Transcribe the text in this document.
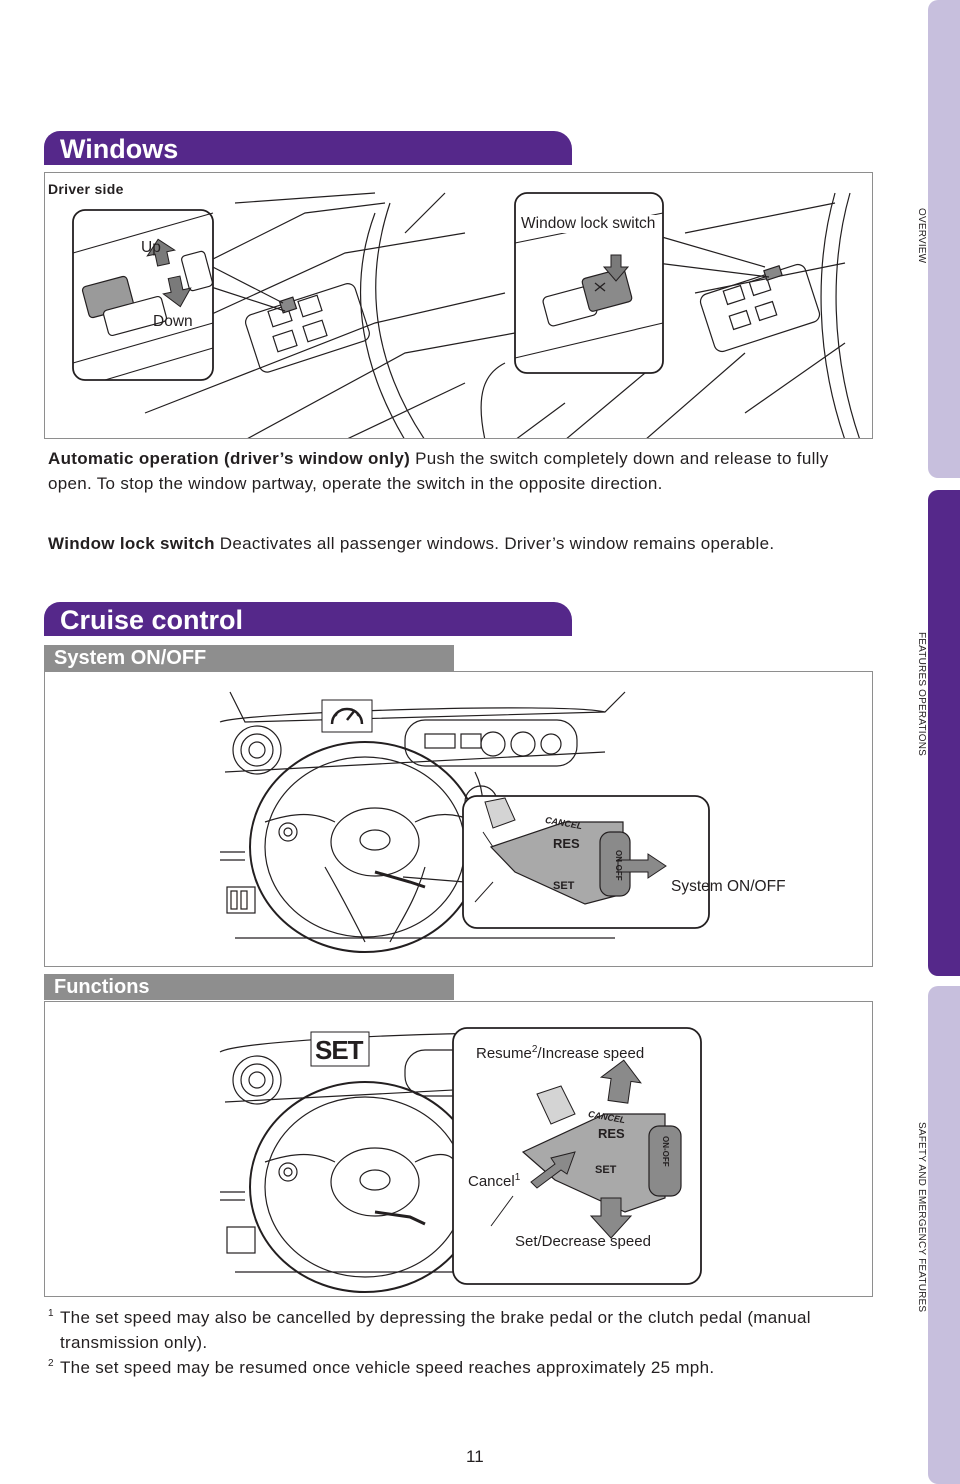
OVERVIEW
FEATURES OPERATIONS
SAFETY AND EMERGENCY FEATURES
Windows
Driver side
Up
Down
Window lock switch
Automatic operation (driver’s window only) Push the switch completely down and release to fully open. To stop the window partway, operate the switch in the opposite direction.
Window lock switch Deactivates all passenger windows. Driver’s window remains operable.
Cruise control
System ON/OFF
CANCEL
RES
SET
ON-OFF
System ON/OFF
Functions
SET
CANCEL
RES
SET
ON-OFF
Resume$^2$/Increase speed
Cancel$^1$
Set/Decrease speed
1 The set speed may also be cancelled by depressing the brake pedal or the clutch pedal (manual transmission only).
2 The set speed may be resumed once vehicle speed reaches approximately 25 mph.
11
